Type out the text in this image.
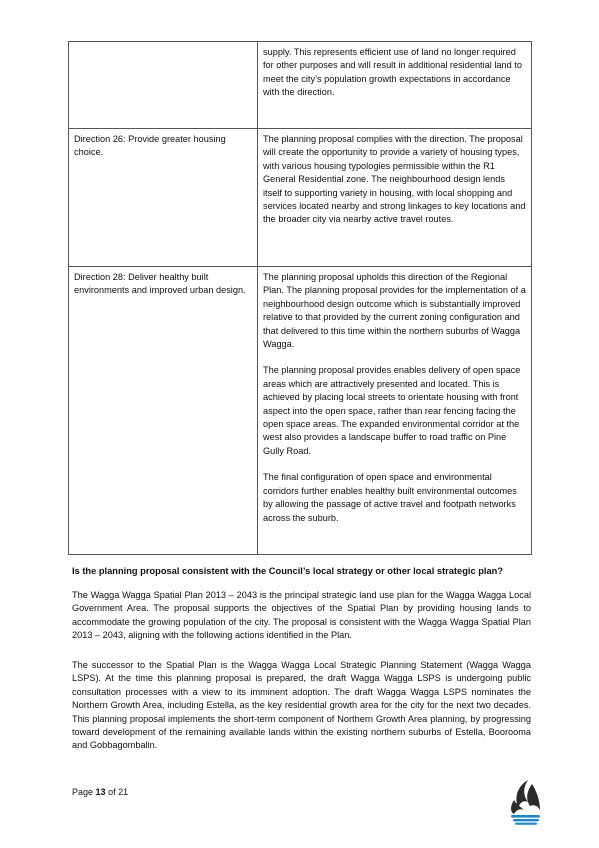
	supply. This represents efficient use of land no longer required for other purposes and will result in additional residential land to meet the city’s population growth expectations in accordance with the direction.

Direction 26: Provide greater housing choice.	The planning proposal complies with the direction. The proposal will create the opportunity to provide a variety of housing types, with various housing typologies permissible within the R1 General Residential zone. The neighbourhood design lends itself to supporting variety in housing, with local shopping and services located nearby and strong linkages to key locations and the broader city via nearby active travel routes.

Direction 28: Deliver healthy built environments and improved urban design.	The planning proposal upholds this direction of the Regional Plan. The planning proposal provides for the implementation of a neighbourhood design outcome which is substantially improved relative to that provided by the current zoning configuration and that delivered to this time within the northern suburbs of Wagga Wagga.

The planning proposal provides enables delivery of open space areas which are attractively presented and located. This is achieved by placing local streets to orientate housing with front aspect into the open space, rather than rear fencing facing the open space areas. The expanded environmental corridor at the west also provides a landscape buffer to road traffic on Pine Gully Road.

The final configuration of open space and environmental corridors further enables healthy built environmental outcomes by allowing the passage of active travel and footpath networks across the suburb.

Is the planning proposal consistent with the Council’s local strategy or other local strategic plan?

The Wagga Wagga Spatial Plan 2013 – 2043 is the principal strategic land use plan for the Wagga Wagga Local Government Area. The proposal supports the objectives of the Spatial Plan by providing housing lands to accommodate the growing population of the city. The proposal is consistent with the Wagga Wagga Spatial Plan 2013 – 2043, aligning with the following actions identified in the Plan.

The successor to the Spatial Plan is the Wagga Wagga Local Strategic Planning Statement (Wagga Wagga LSPS). At the time this planning proposal is prepared, the draft Wagga Wagga LSPS is undergoing public consultation processes with a view to its imminent adoption. The draft Wagga Wagga LSPS nominates the Northern Growth Area, including Estella, as the key residential growth area for the city for the next two decades. This planning proposal implements the short-term component of Northern Growth Area planning, by progressing toward development of the remaining available lands within the existing northern suburbs of Estella, Boorooma and Gobbagombalin.

Page 13 of 21
